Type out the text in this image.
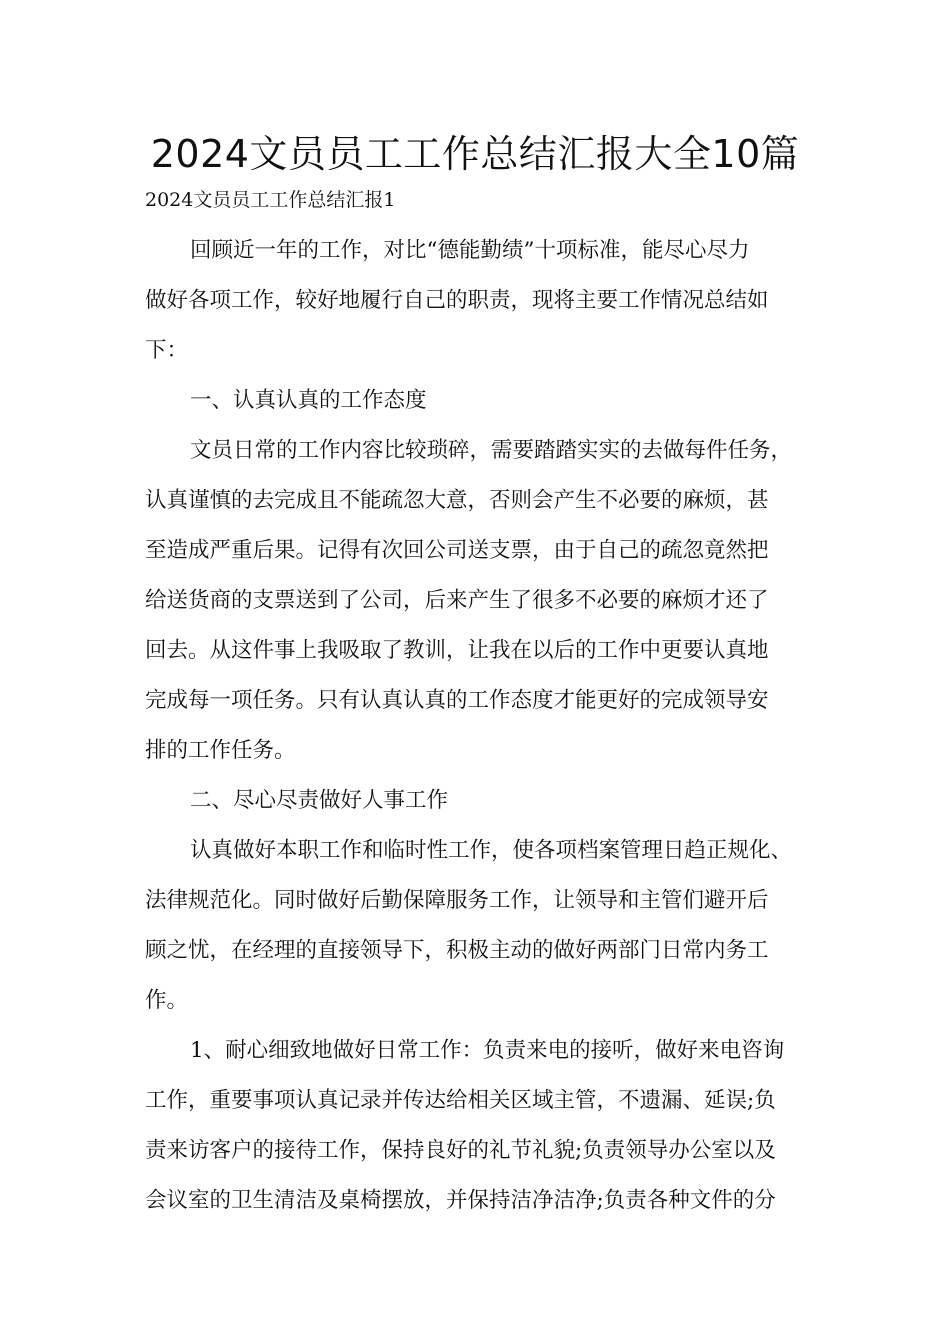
2024文员员工工作总结汇报大全10篇

2024文员员工工作总结汇报1

回顾近一年的工作，对比“德能勤绩”十项标准，能尽心尽力

做好各项工作，较好地履行自己的职责，现将主要工作情况总结如

下：

一、认真认真的工作态度

文员日常的工作内容比较琐碎，需要踏踏实实的去做每件任务，

认真谨慎的去完成且不能疏忽大意，否则会产生不必要的麻烦，甚

至造成严重后果。记得有次回公司送支票，由于自己的疏忽竟然把

给送货商的支票送到了公司，后来产生了很多不必要的麻烦才还了

回去。从这件事上我吸取了教训，让我在以后的工作中更要认真地

完成每一项任务。只有认真认真的工作态度才能更好的完成领导安

排的工作任务。

二、尽心尽责做好人事工作

认真做好本职工作和临时性工作，使各项档案管理日趋正规化、

法律规范化。同时做好后勤保障服务工作，让领导和主管们避开后

顾之忧，在经理的直接领导下，积极主动的做好两部门日常内务工

作。

1、耐心细致地做好日常工作：负责来电的接听，做好来电咨询

工作，重要事项认真记录并传达给相关区域主管，不遗漏、延误;负

责来访客户的接待工作，保持良好的礼节礼貌;负责领导办公室以及

会议室的卫生清洁及桌椅摆放，并保持洁净洁净;负责各种文件的分
